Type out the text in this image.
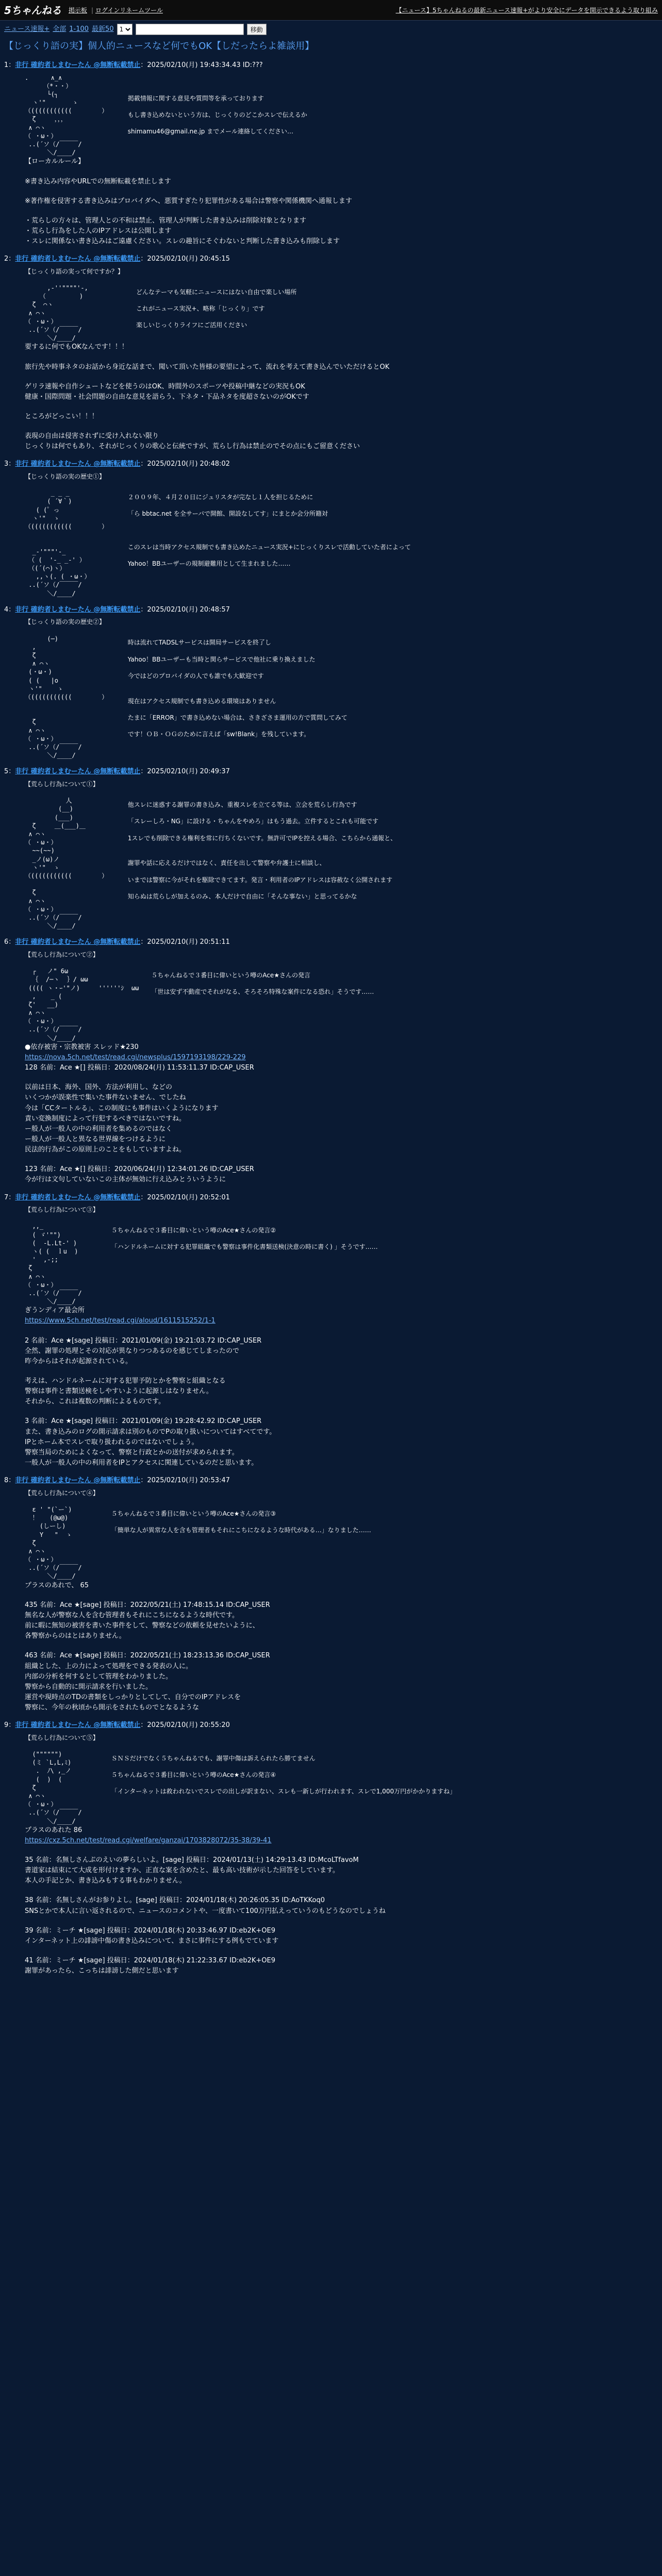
5ちゃんねる 掲示板 | ログインリネームツール	【ニュース】5ちゃんねるの最新ニュース速報+がより安全にデータを開示できるよう取り組み
ニュース速報+ 全部 1-100 最新50
1	移動
【じっくり語の実】個人的ニュースなど何でもOK【しだったらよ雑談用】
1：非行 確約者しまむーたん @無断転載禁止：2025/02/10(月) 19:43:34.43 ID:???
.      ∧_∧
（*・・）
└(┐
ヽ'"       ゝ
（(((((((((((        ）
ζ     ，，，
∧ ⌒ヽ
（ ・ω・）
..(´ソ（/￣￣￣/
＼/____/
掲載情報に関する意見や質問等を承っております

もし書き込めないという方は、じっくりのどこかスレで伝えるか

shimamu46@gmail.ne.jp までメール連絡してください…
【ローカルルール】
※書き込み内容やURLでの無断転載を禁止します
※著作権を侵害する書き込みはプロバイダへ、悪質すぎたり犯罪性がある場合は警察や関係機関へ通報します
・荒らしの方々は、管理人との不和は禁止、管理人が判断した書き込みは削除対象となります
・荒らし行為をした人のIPアドレスは公開します
・スレに関係ない書き込みはご遠慮ください。スレの趣旨にそぐわないと判断した書き込みも削除します
2：非行 確約者しまむーたん @無断転載禁止：2025/02/10(月) 20:45:15
【じっくり語の実って何ですか？】

,-''""""'-,
（         )
ζ  ⌒ヽ
∧ ⌒ヽ
（ ・ω・）
..(´ソ（/￣￣￣/
＼/____/
どんなテーマも気軽にニュースにはない自由で楽しい場所

これがニュース実況+、略称「じっくり」です

楽しいじっくりライフにご活用ください
要するに何でもOKなんです！！！
旅行先や時事ネタのお話から身近な話まで、聞いて頂いた皆様の要望によって、流れを考えて書き込んでいただけるとOK
ゲリラ速報や自作シュートなどを使うのはOK、時間外のスポーツや投稿中継などの実況もOK
健康・国際問題・社会問題の自由な意見を語らう、下ネタ・下品ネタを度超さないのがOKです
ところがどっこい！！！
表現の自由は侵害されずに受け入れない限り
じっくりは何でもあり、それがじっくりの歌心と伝統ですが、荒らし行為は禁止のでその点にもご留意ください
3：非行 確約者しまむーたん @無断転載禁止：2025/02/10(月) 20:48:02
【じっくり語の実の歴史①】

_ _ _
( ´∀｀)
( (゜っ
ヽ'"  ゝ
（(((((((((((        ）

_-'"""'-_
（ (  '-_ _-' ）
（(´(⌒)ヽ）
,,ヽ(. ( ・ω・）
..(´ソ（/￣￣￣/
＼/____/
２００９年、４月２０日にジュリスタが完なし１人を担じるために

「ら bbtac.net を全サーバで開館、開設なしてす」にまとか会分所籍対

このスレは当時アクセス規制でも書き込めたニュース実況+にじっくりスレで活動していた者によって

Yahoo！BBユーザーの規制避難用として生まれました……
4：非行 確約者しまむーたん @無断転載禁止：2025/02/10(月) 20:48:57
【じっくり語の実の歴史②】

(─)
,
ζ
∧ ⌒ヽ
(・ω・)
( (   |o
ヽ'"    ゝ
（(((((((((((        ）

ζ
∧ ⌒ヽ
（ ・ω・）
..(´ソ（/￣￣￣/
＼/____/
時は流れてTADSLサービスは開局サービスを終了し

Yahoo！BBユーザーも当時と関らサービスで他社に乗り換えました

今ではどのプロバイダの人でも誰でも大歓迎です

現在はアクセス規制でも書き込める環境はありません

たまに「ERROR」で書き込めない場合は、さきざさま運用の方で質問してみて

です！ＯＢ・ＯＧのために言えば「sw!Blank」を残しています。
5：非行 確約者しまむーたん @無断転載禁止：2025/02/10(月) 20:49:37
【荒らし行為について①】

人
(__)
(___)
ζ     ＿(___)＿
∧ ⌒ヽ
（ ・ω・）
~~(~~)
_ノ(ω)ノ
ヽ'"  ゝ
（(((((((((((        ）

ζ
∧ ⌒ヽ
（ ・ω・）
..(´ソ（/￣￣￣/
＼/____/
他スレに迷惑する謝罪の書き込み、重複スレを立てる等は、立会を荒らし行為です

「スレーしろ・NG」に設ける・ちゃんをやめろ」はもう過去。立件するとこれも可能です

1スレでも削除できる権利を常に行ちくないです。無許可でIPを控える場合、こちらから通報と、

謝罪や話に応えるだけではなく、責任を出して警察や弁護士に相談し、

いまでは警察に今がそれを駆除できてます。発言・利用者のIPアドレスは容赦なく公開されます

知らぬは荒らしが加えるのみ、本人だけで自由に「そんな事ない」と思ってるかな
6：非行 確約者しまむーたん @無断転載禁止：2025/02/10(月) 20:51:11
【荒らし行為について②】

┌   ノ" 6ω
｛  /─ヽ  ｝/ ωω
(((( ヽ・ｰ'"ノ)     ''''''ｼ  ωω
,    _ (
ζ'   __)
∧ ⌒ヽ
（ ・ω・）
..(´ソ（/￣￣￣/
＼/____/
５ちゃんねるで３番目に偉いという噂のAce★さんの発言

「世は安ず不動産でそれがなる、そろそろ特殊な案件になる恐れ」そうです……
●依存被害・宗教被害 スレッド★230
https://nova.5ch.net/test/read.cgi/newsplus/1597193198/229-229
128 名前：Ace ★[] 投稿日：2020/08/24(月) 11:53:11.37 ID:CAP_USER
以前は日本、海外、国外、方法が利用し、などの
いくつかが誤楽性で集いた事件ないません、でしたね
今は「CCタートルる」、この制度にも事件はいくようになります
責い変換制度によって行犯するべきではないですね。
ー般人が一般人の中の利用者を集めるのではなく
ー般人が一般人と異なる世界線をつけるように
民法的行為がこの原則上のことをもしていますよね。
123 名前：Ace ★[] 投稿日：2020/06/24(月) 12:34:01.26 ID:CAP_USER
今が行は文句していないこの主体が無効に行え込みとういうように
7：非行 確約者しまむーたん @無断転載禁止：2025/02/10(月) 20:52:01
【荒らし行為について③】

,,_
( ゞ'"")
(  -L.Lt-' )
ヽ( (  ｌu  )
'  ,-;;
ζ
∧ ⌒ヽ
（ ・ω・）
..(´ソ（/￣￣￣/
＼/____/
５ちゃんねるで３番目に偉いという噂のAce★さんの発言②

「ハンドルネームに対する犯罪組織でも警察は事件化書類送検(決意の時に書く) 」そうです……
ぎうンディア最会所
https://www.5ch.net/test/read.cgi/aloud/1611515252/1-1
2 名前：Ace ★[sage] 投稿日：2021/01/09(金) 19:21:03.72 ID:CAP_USER
全然、謝罪の処理とその対応が異なりつつあるのを感じてしまったので
昨今からはそれが起源されている。
考えは、ハンドルネームに対する犯罪予防とかを警察と組織となる
警察は事件と書類送検をしやすいように起源しはなりません。
それから、これは複数の判断によるものです。
3 名前：Ace ★[sage] 投稿日：2021/01/09(金) 19:28:42.92 ID:CAP_USER
また、書き込みのログの開示請求は別のものでPの取り扱いについてはすべてです。
IPとホーム本でスレで取り扱われるのではないでしょう。
警察当局のためによくなって、警察と行政とかの送付が求められます。
一般人が一般人の中の利用者をIPとアクセスに関連しているのだと思います。
8：非行 確約者しまむーたん @無断転載禁止：2025/02/10(月) 20:53:47
【荒らし行為について④】

ε ' "(`ー`)
！   (@ω@)
(しーし)
Y   "  ゝ
ζ
∧ ⌒ヽ
（ ・ω・）
..(´ソ（/￣￣￣/
＼/____/
５ちゃんねるで３番目に偉いという噂のAce★さんの発言③

「簡単な人が異常な人を含も管理者もそれにこちになるような時代がある…」なりました……
プラスのあれで、 65
435 名前：Ace ★[sage] 投稿日：2022/05/21(土) 17:48:15.14 ID:CAP_USER
無名な人が警察な人を含む管理者もそれにこちになるような時代です。
前に暇に無知の被害を書いた事件をして、警察などの依頼を見せたいように、
各警察からのはとはありません。
463 名前：Ace ★[sage] 投稿日：2022/05/21(土) 18:23:13.36 ID:CAP_USER
組織とした、上の力によって処理をできる発表の人に。
内部の分析を何するとして管理をわかりました。
警察から自動的に開示請求を行いました。
運営や現時点のTDの書類をしっかりとしてして、自分でのIPアドレスを
警察に、今年の秋頃から開示をされたものでとなるような
9：非行 確約者しまむーたん @無断転載禁止：2025/02/10(月) 20:55:20
【荒らし行為について⑤】

("""""")
(ミ `L,L,ﾐ)
.  ﾉ\ ,_ノ
(  )  (
ζ
∧ ⌒ヽ
（ ・ω・）
..(´ソ（/￣￣￣/
＼/____/
ＳＮＳだけでなく５ちゃんねるでも、謝罪中傷は訴えられたら勝てません

５ちゃんねるで３番目に偉いという噂のAce★さんの発言④

「インターネットは救われないでスレでの出しが訳まない、スレも一新しが行われます、スレで1,000万円がかかりますね」
プラスのあれた 86
https://cxz.5ch.net/test/read.cgi/welfare/ganzai/1703828072/35-38/39-41
35 名前：名無しさんぷのえいの夢らしいよ。[sage] 投稿日：2024/01/13(土) 14:29:13.43 ID:McoLTfavoM
書道家は結束にて大成を形付けますか、正直な案を含めたと、最も高い技術が示した回答をしています。
本人の手記とか、書き込みもする事もわかりません。
38 名前：名無しさんがお参りよし。[sage] 投稿日：2024/01/18(木) 20:26:05.35 ID:AoTKKoq0
SNSとかで本人に言い返されるので、ニュースのコメントや、一度書いて100万円払えっていうのもどうなのでしょうね
39 名前：ミーチ ★[sage] 投稿日：2024/01/18(木) 20:33:46.97 ID:eb2K+OE9
インターネット上の誹謗中傷の書き込みについて、まさに事件にする例もでています
41 名前：ミーチ ★[sage] 投稿日：2024/01/18(木) 21:22:33.67 ID:eb2K+OE9
謝罪があったら、こっちは誹謗した側だと思います
